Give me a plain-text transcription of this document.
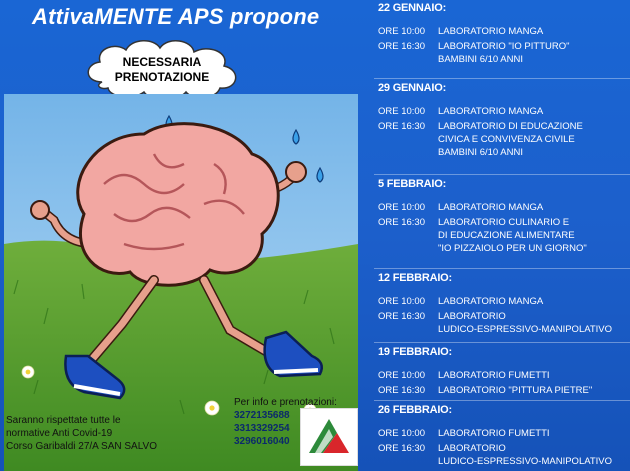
AttivaMENTE APS propone
NECESSARIA
PRENOTAZIONE
Saranno rispettate tutte le
normative Anti Covid-19
Corso Garibaldi 27/A SAN SALVO
Per info e prenotazioni:
3272135688
3313329254
3296016040
22 GENNAIO:
ORE 10:00 LABORATORIO MANGA
ORE 16:30 LABORATORIO "IO PITTURO"
BAMBINI 6/10 ANNI
29 GENNAIO:
ORE 10:00 LABORATORIO MANGA
ORE 16:30 LABORATORIO DI EDUCAZIONE
CIVICA E CONVIVENZA CIVILE
BAMBINI 6/10 ANNI
5 FEBBRAIO:
ORE 10:00 LABORATORIO MANGA
ORE 16:30 LABORATORIO CULINARIO E
DI EDUCAZIONE ALIMENTARE
"IO PIZZAIOLO PER UN GIORNO"
12 FEBBRAIO:
ORE 10:00 LABORATORIO MANGA
ORE 16:30 LABORATORIO
LUDICO-ESPRESSIVO-MANIPOLATIVO
19 FEBBRAIO:
ORE 10:00 LABORATORIO FUMETTI
ORE 16:30 LABORATORIO "PITTURA PIETRE"
26 FEBBRAIO:
ORE 10:00 LABORATORIO FUMETTI
ORE 16:30 LABORATORIO
LUDICO-ESPRESSIVO-MANIPOLATIVO
